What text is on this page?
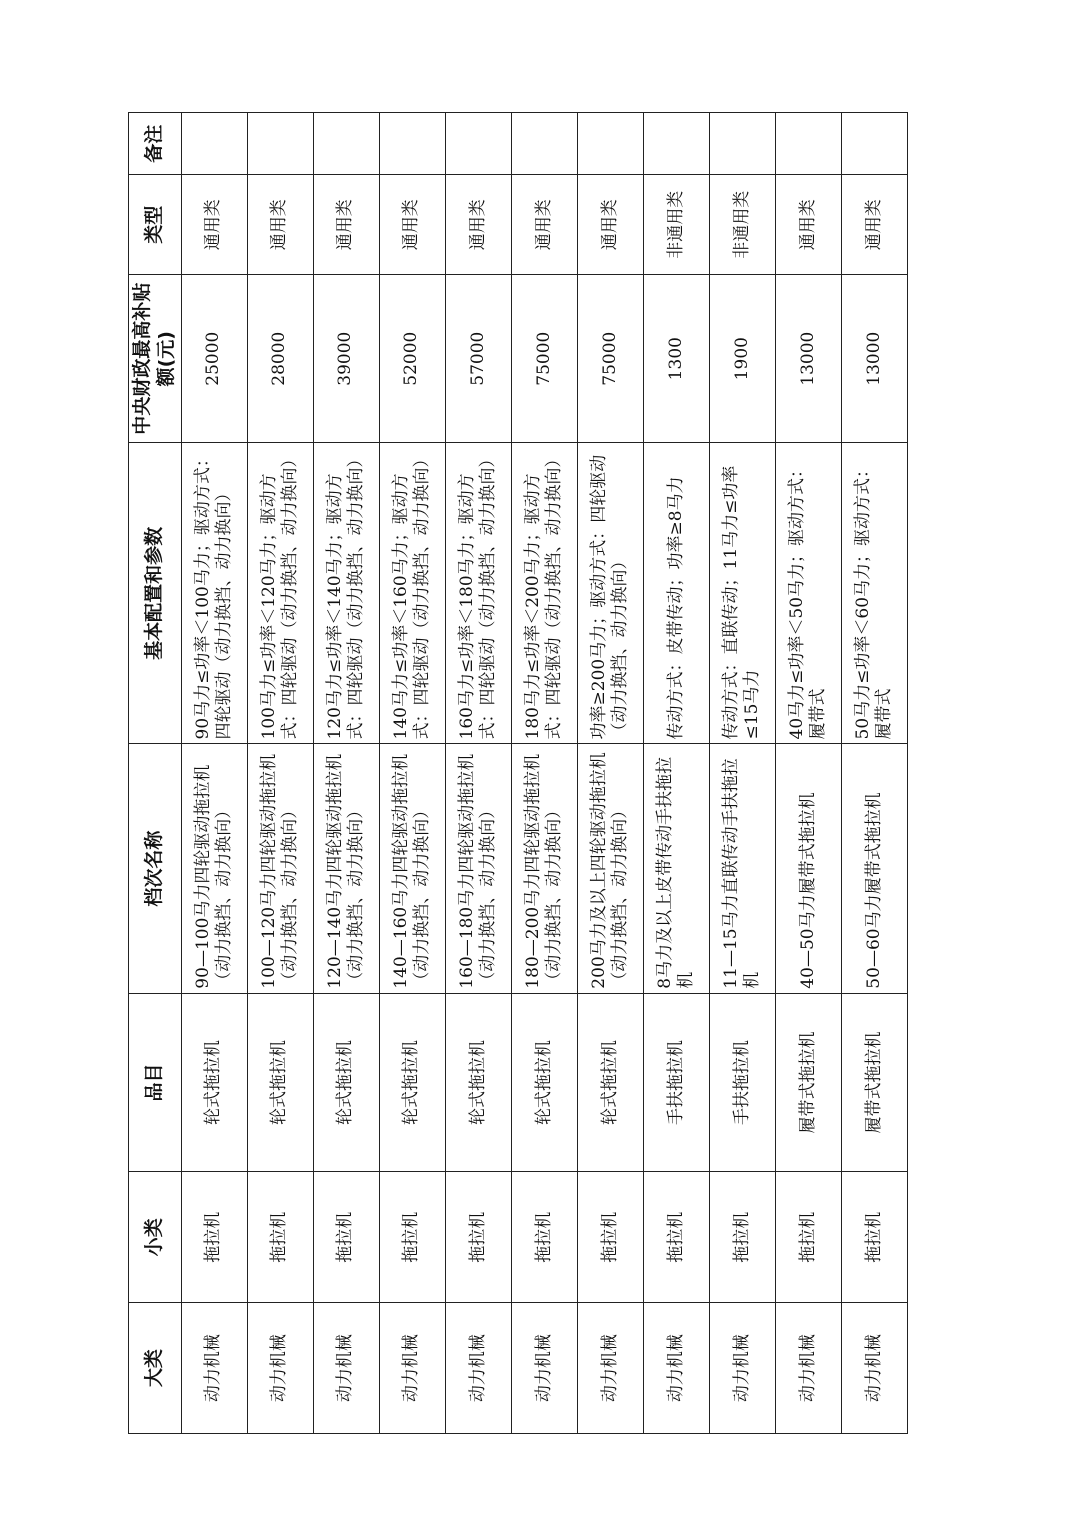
大类	小类	品目	档次名称	基本配置和参数	中央财政最高补贴额(元)	类型	备注
动力机械	拖拉机	轮式拖拉机	90—100马力四轮驱动拖拉机（动力换挡、动力换向）	90马力≤功率＜100马力；驱动方式：四轮驱动（动力换挡、动力换向）	25000	通用类	
动力机械	拖拉机	轮式拖拉机	100—120马力四轮驱动拖拉机（动力换挡、动力换向）	100马力≤功率＜120马力；驱动方式：四轮驱动（动力换挡、动力换向）	28000	通用类	
动力机械	拖拉机	轮式拖拉机	120—140马力四轮驱动拖拉机（动力换挡、动力换向）	120马力≤功率＜140马力；驱动方式：四轮驱动（动力换挡、动力换向）	39000	通用类	
动力机械	拖拉机	轮式拖拉机	140—160马力四轮驱动拖拉机（动力换挡、动力换向）	140马力≤功率＜160马力；驱动方式：四轮驱动（动力换挡、动力换向）	52000	通用类	
动力机械	拖拉机	轮式拖拉机	160—180马力四轮驱动拖拉机（动力换挡、动力换向）	160马力≤功率＜180马力；驱动方式：四轮驱动（动力换挡、动力换向）	57000	通用类	
动力机械	拖拉机	轮式拖拉机	180—200马力四轮驱动拖拉机（动力换挡、动力换向）	180马力≤功率＜200马力；驱动方式：四轮驱动（动力换挡、动力换向）	75000	通用类	
动力机械	拖拉机	轮式拖拉机	200马力及以上四轮驱动拖拉机（动力换挡、动力换向）	功率≥200马力；驱动方式：四轮驱动（动力换挡、动力换向）	75000	通用类	
动力机械	拖拉机	手扶拖拉机	8马力及以上皮带传动手扶拖拉机	传动方式：皮带传动；功率≥8马力	1300	非通用类	
动力机械	拖拉机	手扶拖拉机	11—15马力直联传动手扶拖拉机	传动方式：直联传动；11马力≤功率≤15马力	1900	非通用类	
动力机械	拖拉机	履带式拖拉机	40—50马力履带式拖拉机	40马力≤功率＜50马力；驱动方式：履带式	13000	通用类	
动力机械	拖拉机	履带式拖拉机	50—60马力履带式拖拉机	50马力≤功率＜60马力；驱动方式：履带式	13000	通用类	
